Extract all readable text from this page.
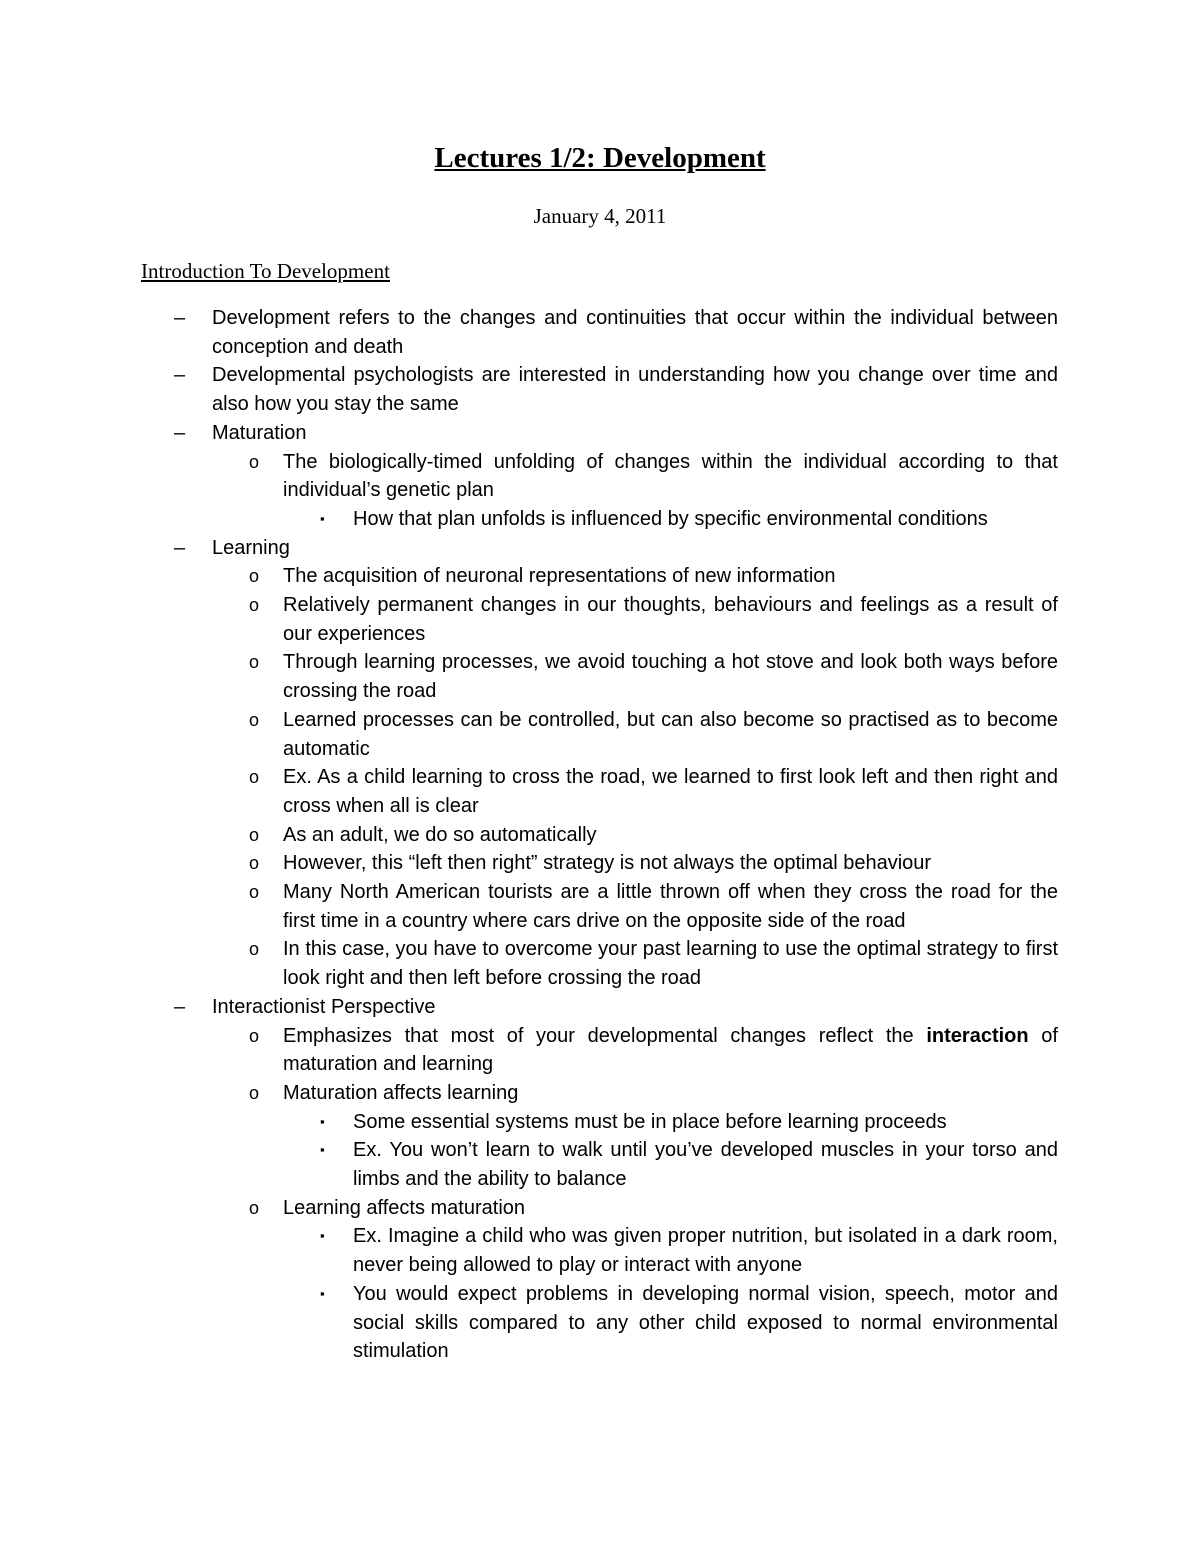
Lectures 1/2: Development
January 4, 2011
Introduction To Development
– Development refers to the changes and continuities that occur within the individual between conception and death
– Developmental psychologists are interested in understanding how you change over time and also how you stay the same
– Maturation
o The biologically-timed unfolding of changes within the individual according to that individual’s genetic plan
▪ How that plan unfolds is influenced by specific environmental conditions
– Learning
o The acquisition of neuronal representations of new information
o Relatively permanent changes in our thoughts, behaviours and feelings as a result of our experiences
o Through learning processes, we avoid touching a hot stove and look both ways before crossing the road
o Learned processes can be controlled, but can also become so practised as to become automatic
o Ex. As a child learning to cross the road, we learned to first look left and then right and cross when all is clear
o As an adult, we do so automatically
o However, this “left then right” strategy is not always the optimal behaviour
o Many North American tourists are a little thrown off when they cross the road for the first time in a country where cars drive on the opposite side of the road
o In this case, you have to overcome your past learning to use the optimal strategy to first look right and then left before crossing the road
– Interactionist Perspective
o Emphasizes that most of your developmental changes reflect the interaction of maturation and learning
o Maturation affects learning
▪ Some essential systems must be in place before learning proceeds
▪ Ex. You won’t learn to walk until you’ve developed muscles in your torso and limbs and the ability to balance
o Learning affects maturation
▪ Ex. Imagine a child who was given proper nutrition, but isolated in a dark room, never being allowed to play or interact with anyone
▪ You would expect problems in developing normal vision, speech, motor and social skills compared to any other child exposed to normal environmental stimulation
